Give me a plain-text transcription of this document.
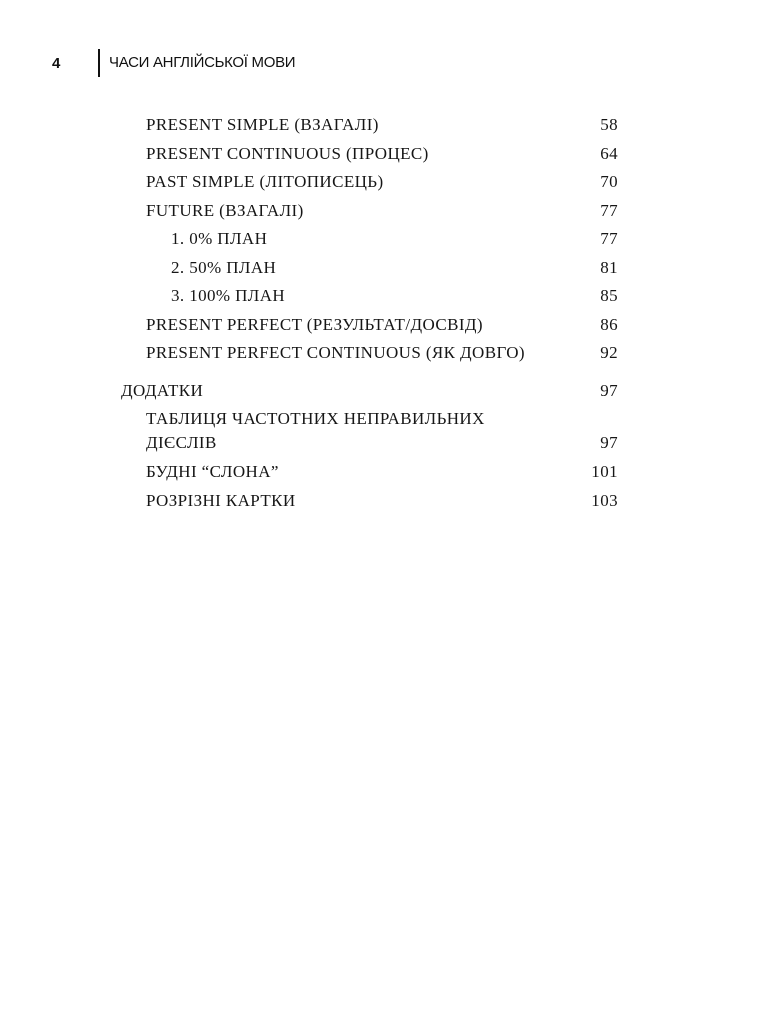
4	ЧАСИ АНГЛІЙСЬКОЇ МОВИ
PRESENT SIMPLE (ВЗАГАЛІ)	58
PRESENT CONTINUOUS (ПРОЦЕС)	64
PAST SIMPLE (ЛІТОПИСЕЦЬ)	70
FUTURE (ВЗАГАЛІ)	77
1. 0% ПЛАН	77
2. 50% ПЛАН	81
3. 100% ПЛАН	85
PRESENT PERFECT (РЕЗУЛЬТАТ/ДОСВІД)	86
PRESENT PERFECT CONTINUOUS (ЯК ДОВГО)	92
ДОДАТКИ	97
ТАБЛИЦЯ ЧАСТОТНИХ НЕПРАВИЛЬНИХ
ДІЄСЛІВ	97
БУДНІ “СЛОНА”	101
РОЗРІЗНІ КАРТКИ	103
